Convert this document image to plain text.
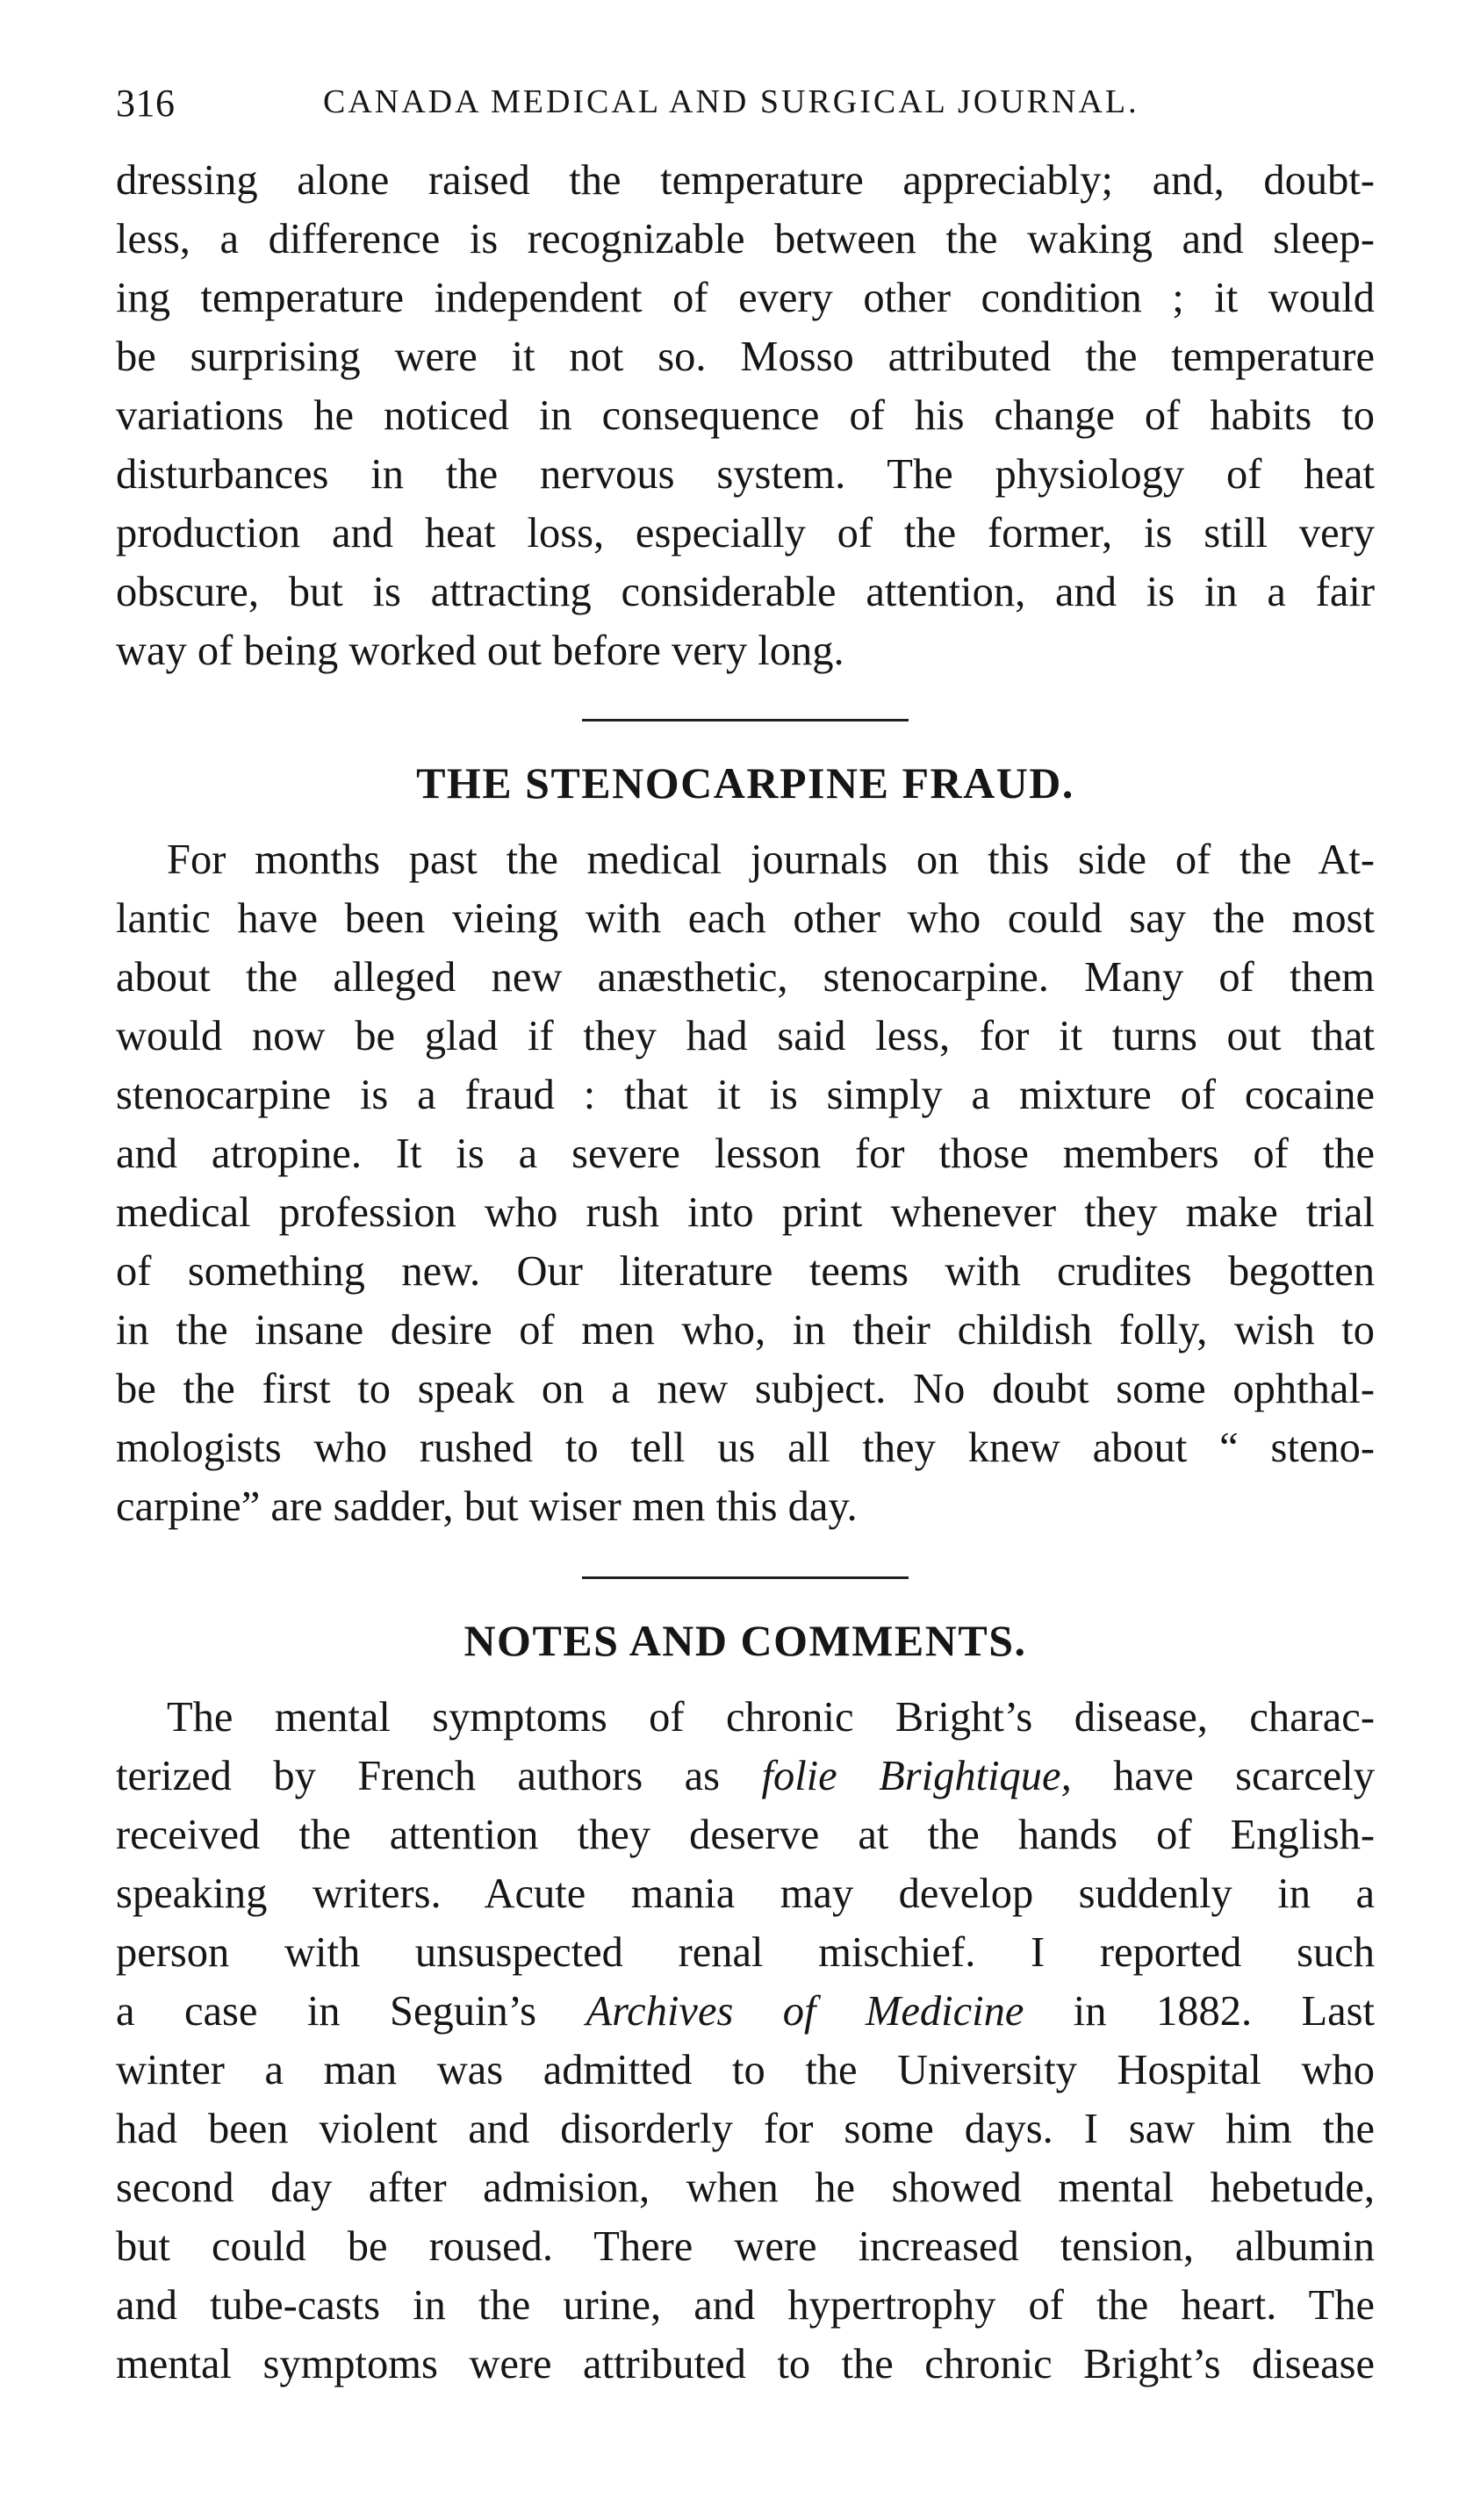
316	CANADA MEDICAL AND SURGICAL JOURNAL.

dressing alone raised the temperature appreciably; and, doubt-
less, a difference is recognizable between the waking and sleep-
ing temperature independent of every other condition ; it would
be surprising were it not so. Mosso attributed the temperature
variations he noticed in consequence of his change of habits to
disturbances in the nervous system. The physiology of heat
production and heat loss, especially of the former, is still very
obscure, but is attracting considerable attention, and is in a fair
way of being worked out before very long.

THE STENOCARPINE FRAUD.

For months past the medical journals on this side of the At-
lantic have been vieing with each other who could say the most
about the alleged new anæsthetic, stenocarpine. Many of them
would now be glad if they had said less, for it turns out that
stenocarpine is a fraud : that it is simply a mixture of cocaine
and atropine. It is a severe lesson for those members of the
medical profession who rush into print whenever they make trial
of something new. Our literature teems with crudites begotten
in the insane desire of men who, in their childish folly, wish to
be the first to speak on a new subject. No doubt some ophthal-
mologists who rushed to tell us all they knew about “ steno-
carpine” are sadder, but wiser men this day.

NOTES AND COMMENTS.

The mental symptoms of chronic Bright’s disease, charac-
terized by French authors as folie Brightique, have scarcely
received the attention they deserve at the hands of English-
speaking writers. Acute mania may develop suddenly in a
person with unsuspected renal mischief. I reported such
a case in Seguin’s Archives of Medicine in 1882. Last
winter a man was admitted to the University Hospital who
had been violent and disorderly for some days. I saw him the
second day after admision, when he showed mental hebetude,
but could be roused. There were increased tension, albumin
and tube-casts in the urine, and hypertrophy of the heart. The
mental symptoms were attributed to the chronic Bright’s disease
